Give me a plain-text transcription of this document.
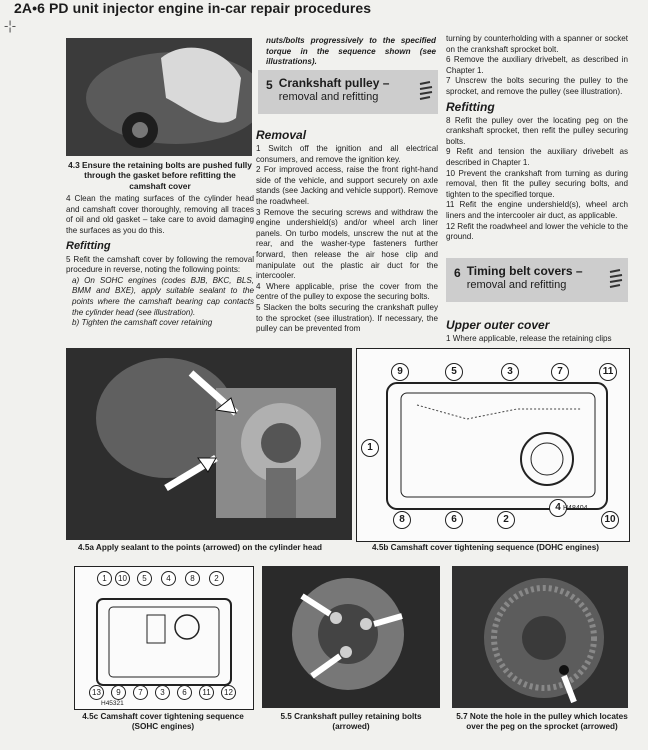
-¦-
2A•6 PD unit injector engine in-car repair procedures

4.3 Ensure the retaining bolts are pushed fully through the gasket before refitting the camshaft cover

4 Clean the mating surfaces of the cylinder head and camshaft cover thoroughly, removing all traces of oil and old gasket – take care to avoid damaging the surfaces as you do this.

Refitting

5 Refit the camshaft cover by following the removal procedure in reverse, noting the following points:

a) On SOHC engines (codes BJB, BKC, BLS, BMM and BXE), apply suitable sealant to the points where the camshaft bearing cap contacts the cylinder head (see illustration).

b) Tighten the camshaft cover retaining

nuts/bolts progressively to the specified torque in the sequence shown (see illustrations).

5 Crankshaft pulley –
removal and refitting
Removal

1 Switch off the ignition and all electrical consumers, and remove the ignition key.

2 For improved access, raise the front right-hand side of the vehicle, and support securely on axle stands (see Jacking and vehicle support). Remove the roadwheel.

3 Remove the securing screws and withdraw the engine undershield(s) and/or wheel arch liner panels. On turbo models, unscrew the nut at the rear, and the washer-type fasteners further forward, then release the air hose clip and manipulate out the plastic air duct for the intercooler.

4 Where applicable, prise the cover from the centre of the pulley to expose the securing bolts.

5 Slacken the bolts securing the crankshaft pulley to the sprocket (see illustration). If necessary, the pulley can be prevented from

turning by counterholding with a spanner or socket on the crankshaft sprocket bolt.

6 Remove the auxiliary drivebelt, as described in Chapter 1.

7 Unscrew the bolts securing the pulley to the sprocket, and remove the pulley (see illustration).

Refitting

8 Refit the pulley over the locating peg on the crankshaft sprocket, then refit the pulley securing bolts.

9 Refit and tension the auxiliary drivebelt as described in Chapter 1.

10 Prevent the crankshaft from turning as during removal, then fit the pulley securing bolts, and tighten to the specified torque.

11 Refit the engine undershield(s), wheel arch liners and the intercooler air duct, as applicable.

12 Refit the roadwheel and lower the vehicle to the ground.

6 Timing belt covers –
removal and refitting
Upper outer cover

1 Where applicable, release the retaining clips

4.5a Apply sealant to the points (arrowed) on the cylinder head
9	5	3	7	11
1
8	6	2
4
10
H48404
4.5b Camshaft cover tightening sequence (DOHC engines)
1	10	5	4	8	2
13	9	7	3	6	11	12
H45321
4.5c Camshaft cover tightening sequence (SOHC engines)
5.5 Crankshaft pulley retaining bolts (arrowed)
5.7 Note the hole in the pulley which locates over the peg on the sprocket (arrowed)
